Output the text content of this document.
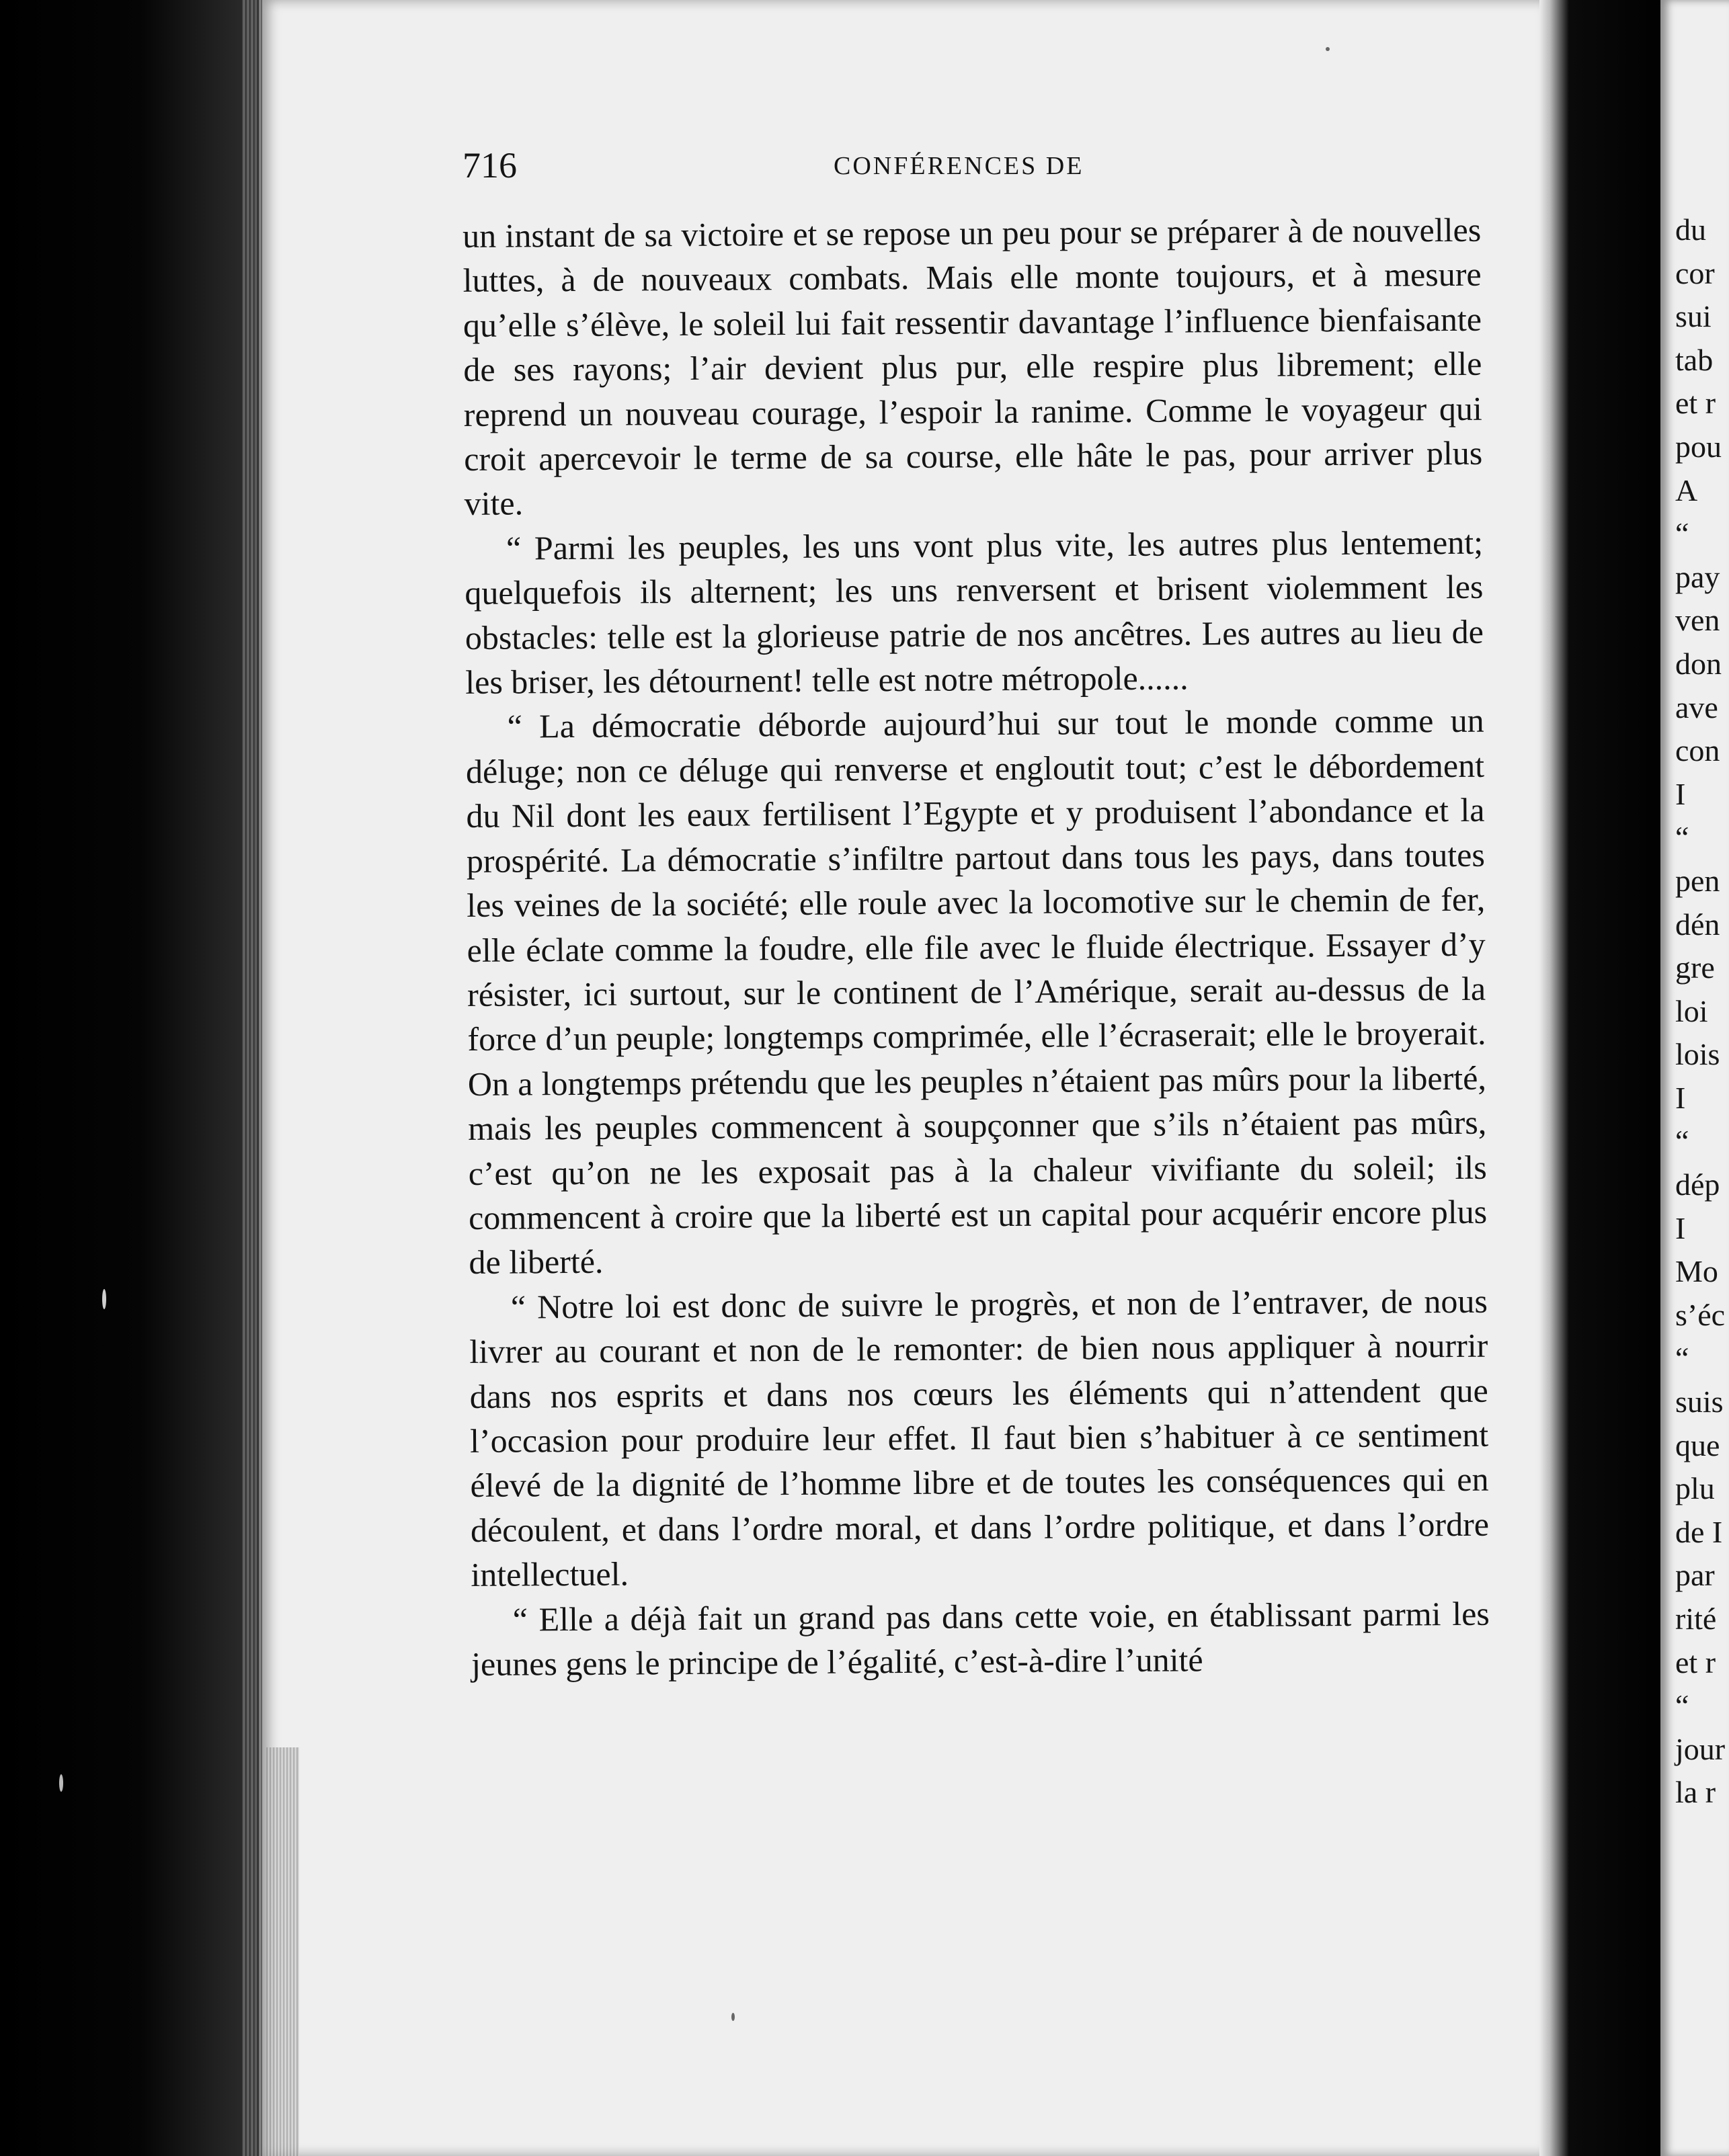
716	CONFÉRENCES DE

un instant de sa victoire et se repose un peu pour se préparer à de nouvelles luttes, à de nouveaux combats. Mais elle monte toujours, et à mesure qu’elle s’élève, le soleil lui fait ressentir davantage l’influence bienfaisante de ses rayons; l’air devient plus pur, elle respire plus librement; elle reprend un nouveau courage, l’espoir la ranime. Comme le voyageur qui croit apercevoir le terme de sa course, elle hâte le pas, pour arriver plus vite.

“ Parmi les peuples, les uns vont plus vite, les autres plus lentement; quelquefois ils alternent; les uns renversent et brisent violemment les obstacles: telle est la glorieuse patrie de nos ancêtres. Les autres au lieu de les briser, les détournent! telle est notre métropole......

“ La démocratie déborde aujourd’hui sur tout le monde comme un déluge; non ce déluge qui renverse et engloutit tout; c’est le débordement du Nil dont les eaux fertilisent l’Egypte et y produisent l’abondance et la prospérité. La démocratie s’infiltre partout dans tous les pays, dans toutes les veines de la société; elle roule avec la locomotive sur le chemin de fer, elle éclate comme la foudre, elle file avec le fluide électrique. Essayer d’y résister, ici surtout, sur le continent de l’Amérique, serait au-dessus de la force d’un peuple; longtemps comprimée, elle l’écraserait; elle le broyerait. On a longtemps prétendu que les peuples n’étaient pas mûrs pour la liberté, mais les peuples commencent à soupçonner que s’ils n’étaient pas mûrs, c’est qu’on ne les exposait pas à la chaleur vivifiante du soleil; ils commencent à croire que la liberté est un capital pour acquérir encore plus de liberté.

“ Notre loi est donc de suivre le progrès, et non de l’entraver, de nous livrer au courant et non de le remonter: de bien nous appliquer à nourrir dans nos esprits et dans nos cœurs les éléments qui n’attendent que l’occasion pour produire leur effet. Il faut bien s’habituer à ce sentiment élevé de la dignité de l’homme libre et de toutes les conséquences qui en découlent, et dans l’ordre moral, et dans l’ordre politique, et dans l’ordre intellectuel.

“ Elle a déjà fait un grand pas dans cette voie, en établissant parmi les jeunes gens le principe de l’égalité, c’est-à-dire l’unité

du
cor
sui
tab
et r
pou
A
“
pay
ven
don
ave
con
I
“
pen
dén
gre
loi
lois
I
“
dép
I
Mo
s’éc
“
suis
que
plu
de I
par
rité
et r
“
jour
la r
